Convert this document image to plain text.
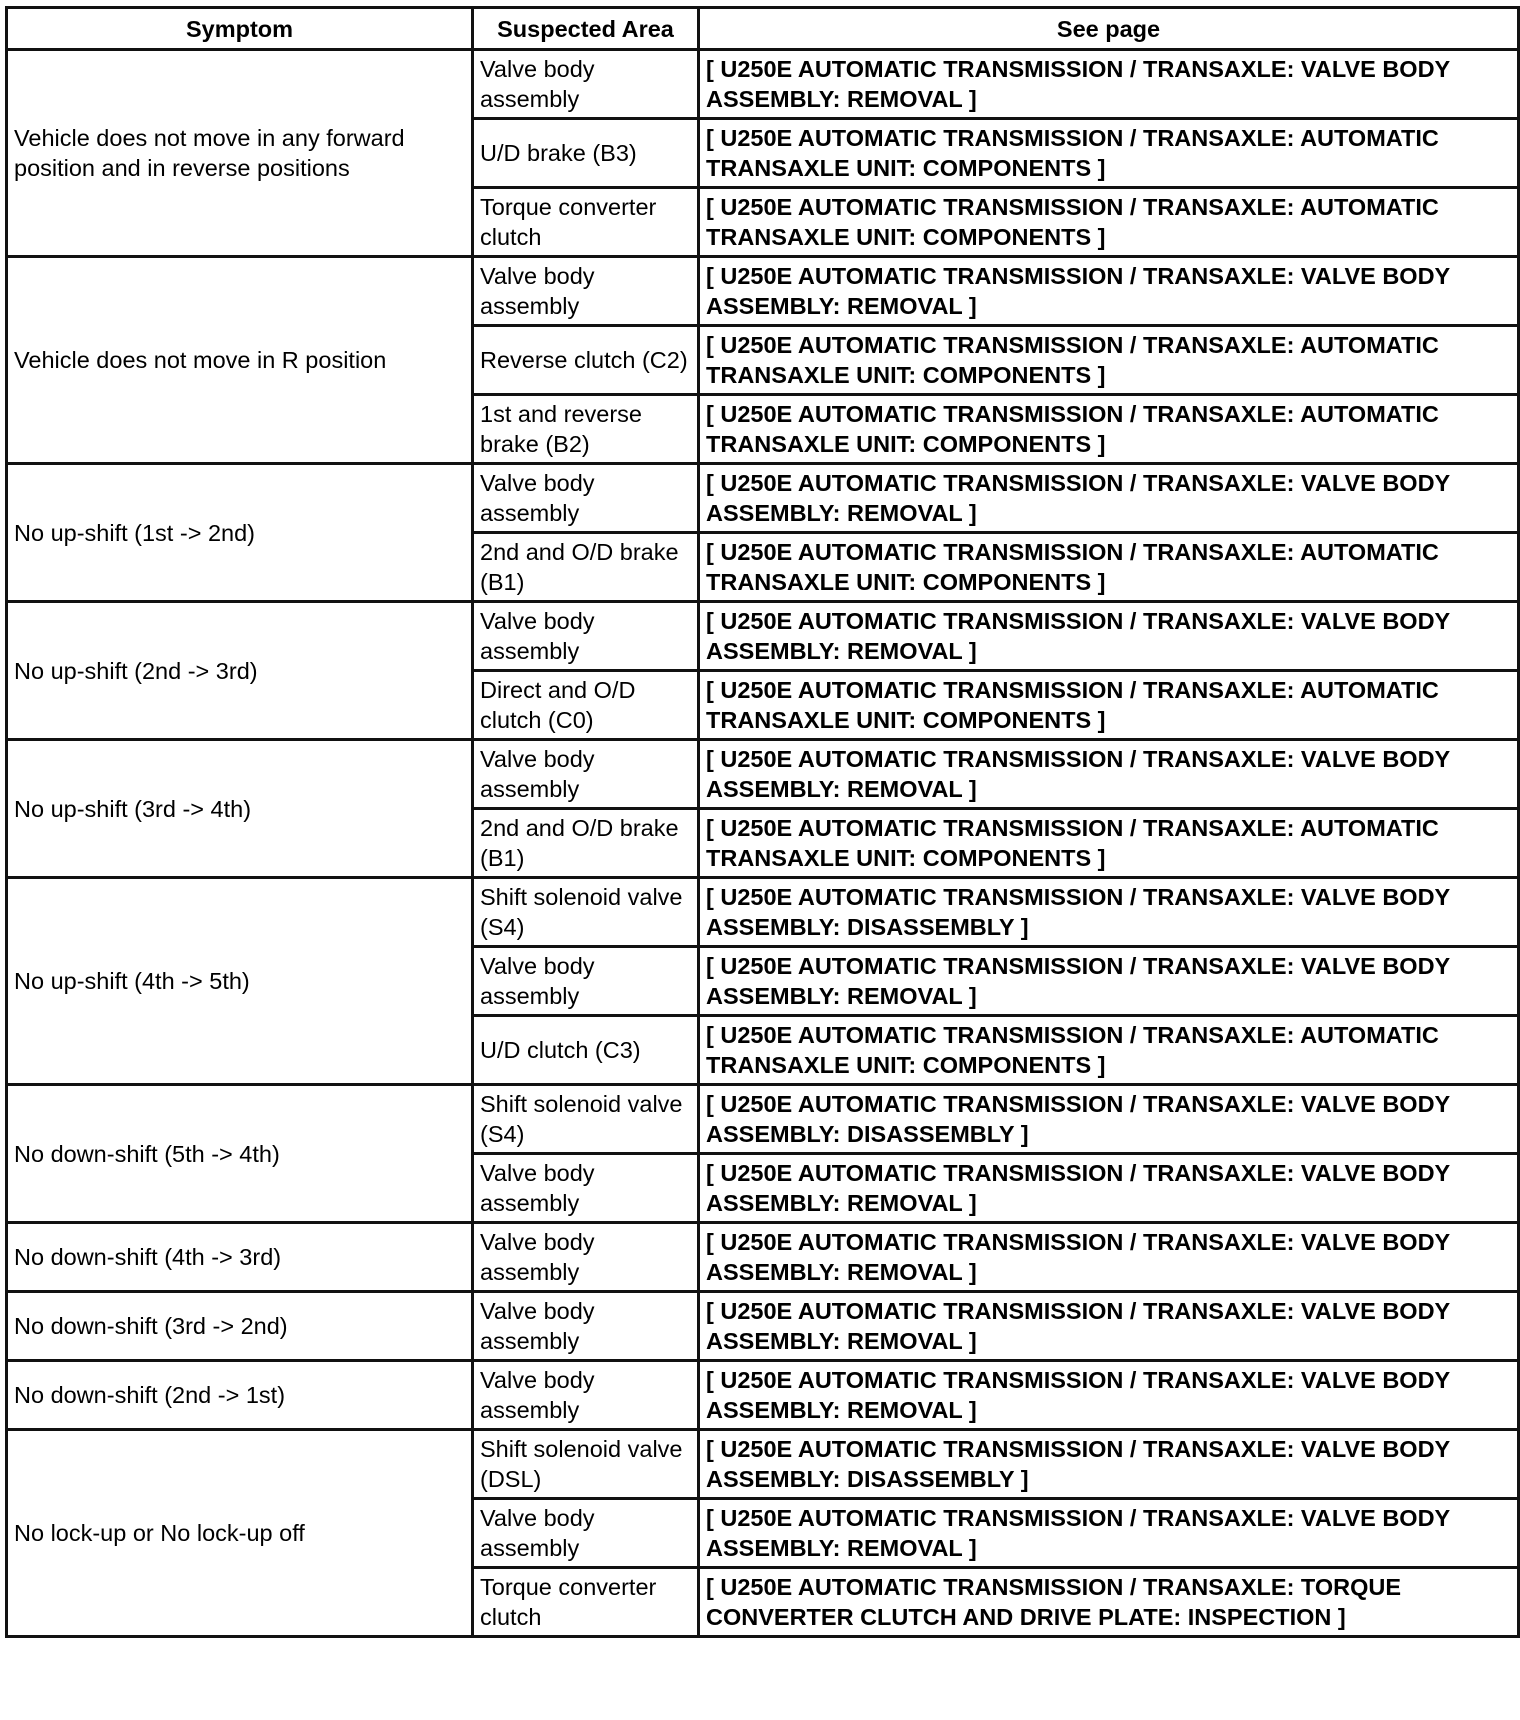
Symptom	Suspected Area	See page
Vehicle does not move in any forward position and in reverse positions	Valve body assembly	[ U250E AUTOMATIC TRANSMISSION / TRANSAXLE: VALVE BODY ASSEMBLY: REMOVAL ]
	U/D brake (B3)	[ U250E AUTOMATIC TRANSMISSION / TRANSAXLE: AUTOMATIC TRANSAXLE UNIT: COMPONENTS ]
	Torque converter clutch	[ U250E AUTOMATIC TRANSMISSION / TRANSAXLE: AUTOMATIC TRANSAXLE UNIT: COMPONENTS ]
Vehicle does not move in R position	Valve body assembly	[ U250E AUTOMATIC TRANSMISSION / TRANSAXLE: VALVE BODY ASSEMBLY: REMOVAL ]
	Reverse clutch (C2)	[ U250E AUTOMATIC TRANSMISSION / TRANSAXLE: AUTOMATIC TRANSAXLE UNIT: COMPONENTS ]
	1st and reverse brake (B2)	[ U250E AUTOMATIC TRANSMISSION / TRANSAXLE: AUTOMATIC TRANSAXLE UNIT: COMPONENTS ]
No up-shift (1st -> 2nd)	Valve body assembly	[ U250E AUTOMATIC TRANSMISSION / TRANSAXLE: VALVE BODY ASSEMBLY: REMOVAL ]
	2nd and O/D brake (B1)	[ U250E AUTOMATIC TRANSMISSION / TRANSAXLE: AUTOMATIC TRANSAXLE UNIT: COMPONENTS ]
No up-shift (2nd -> 3rd)	Valve body assembly	[ U250E AUTOMATIC TRANSMISSION / TRANSAXLE: VALVE BODY ASSEMBLY: REMOVAL ]
	Direct and O/D clutch (C0)	[ U250E AUTOMATIC TRANSMISSION / TRANSAXLE: AUTOMATIC TRANSAXLE UNIT: COMPONENTS ]
No up-shift (3rd -> 4th)	Valve body assembly	[ U250E AUTOMATIC TRANSMISSION / TRANSAXLE: VALVE BODY ASSEMBLY: REMOVAL ]
	2nd and O/D brake (B1)	[ U250E AUTOMATIC TRANSMISSION / TRANSAXLE: AUTOMATIC TRANSAXLE UNIT: COMPONENTS ]
No up-shift (4th -> 5th)	Shift solenoid valve (S4)	[ U250E AUTOMATIC TRANSMISSION / TRANSAXLE: VALVE BODY ASSEMBLY: DISASSEMBLY ]
	Valve body assembly	[ U250E AUTOMATIC TRANSMISSION / TRANSAXLE: VALVE BODY ASSEMBLY: REMOVAL ]
	U/D clutch (C3)	[ U250E AUTOMATIC TRANSMISSION / TRANSAXLE: AUTOMATIC TRANSAXLE UNIT: COMPONENTS ]
No down-shift (5th -> 4th)	Shift solenoid valve (S4)	[ U250E AUTOMATIC TRANSMISSION / TRANSAXLE: VALVE BODY ASSEMBLY: DISASSEMBLY ]
	Valve body assembly	[ U250E AUTOMATIC TRANSMISSION / TRANSAXLE: VALVE BODY ASSEMBLY: REMOVAL ]
No down-shift (4th -> 3rd)	Valve body assembly	[ U250E AUTOMATIC TRANSMISSION / TRANSAXLE: VALVE BODY ASSEMBLY: REMOVAL ]
No down-shift (3rd -> 2nd)	Valve body assembly	[ U250E AUTOMATIC TRANSMISSION / TRANSAXLE: VALVE BODY ASSEMBLY: REMOVAL ]
No down-shift (2nd -> 1st)	Valve body assembly	[ U250E AUTOMATIC TRANSMISSION / TRANSAXLE: VALVE BODY ASSEMBLY: REMOVAL ]
No lock-up or No lock-up off	Shift solenoid valve (DSL)	[ U250E AUTOMATIC TRANSMISSION / TRANSAXLE: VALVE BODY ASSEMBLY: DISASSEMBLY ]
	Valve body assembly	[ U250E AUTOMATIC TRANSMISSION / TRANSAXLE: VALVE BODY ASSEMBLY: REMOVAL ]
	Torque converter clutch	[ U250E AUTOMATIC TRANSMISSION / TRANSAXLE: TORQUE CONVERTER CLUTCH AND DRIVE PLATE: INSPECTION ]
